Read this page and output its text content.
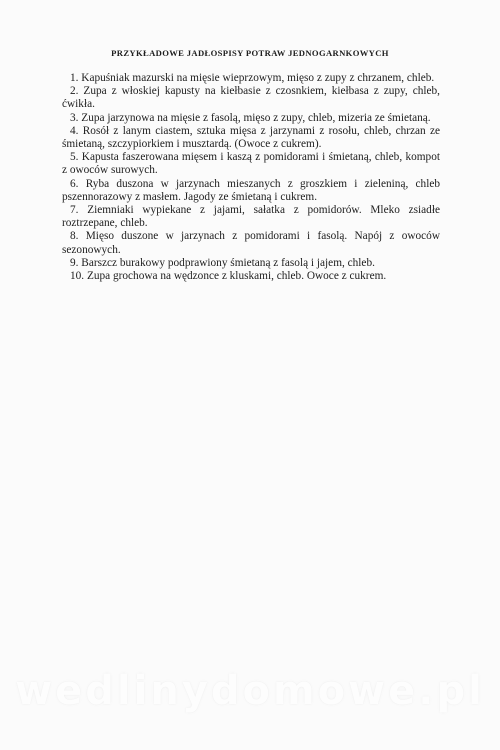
PRZYKŁADOWE JADŁOSPISY POTRAW JEDNOGARNKOWYCH
1. Kapuśniak mazurski na mięsie wieprzowym, mięso z zupy z chrzanem, chleb.
2. Zupa z włoskiej kapusty na kiełbasie z czosnkiem, kiełbasa z zupy, chleb, ćwikła.
3. Zupa jarzynowa na mięsie z fasolą, mięso z zupy, chleb, mizeria ze śmietaną.
4. Rosół z lanym ciastem, sztuka mięsa z jarzynami z rosołu, chleb, chrzan ze śmietaną, szczypiorkiem i musztardą. (Owoce z cukrem).
5. Kapusta faszerowana mięsem i kaszą z pomidorami i śmietaną, chleb, kompot z owoców surowych.
6. Ryba duszona w jarzynach mieszanych z groszkiem i zieleniną, chleb pszennorazowy z masłem. Jagody ze śmietaną i cukrem.
7. Ziemniaki wypiekane z jajami, sałatka z pomidorów. Mleko zsiadłe roztrzepane, chleb.
8. Mięso duszone w jarzynach z pomidorami i fasolą. Napój z owoców sezonowych.
9. Barszcz burakowy podprawiony śmietaną z fasolą i jajem, chleb.
10. Zupa grochowa na wędzonce z kluskami, chleb. Owoce z cukrem.
wedlinydomowe.pl
